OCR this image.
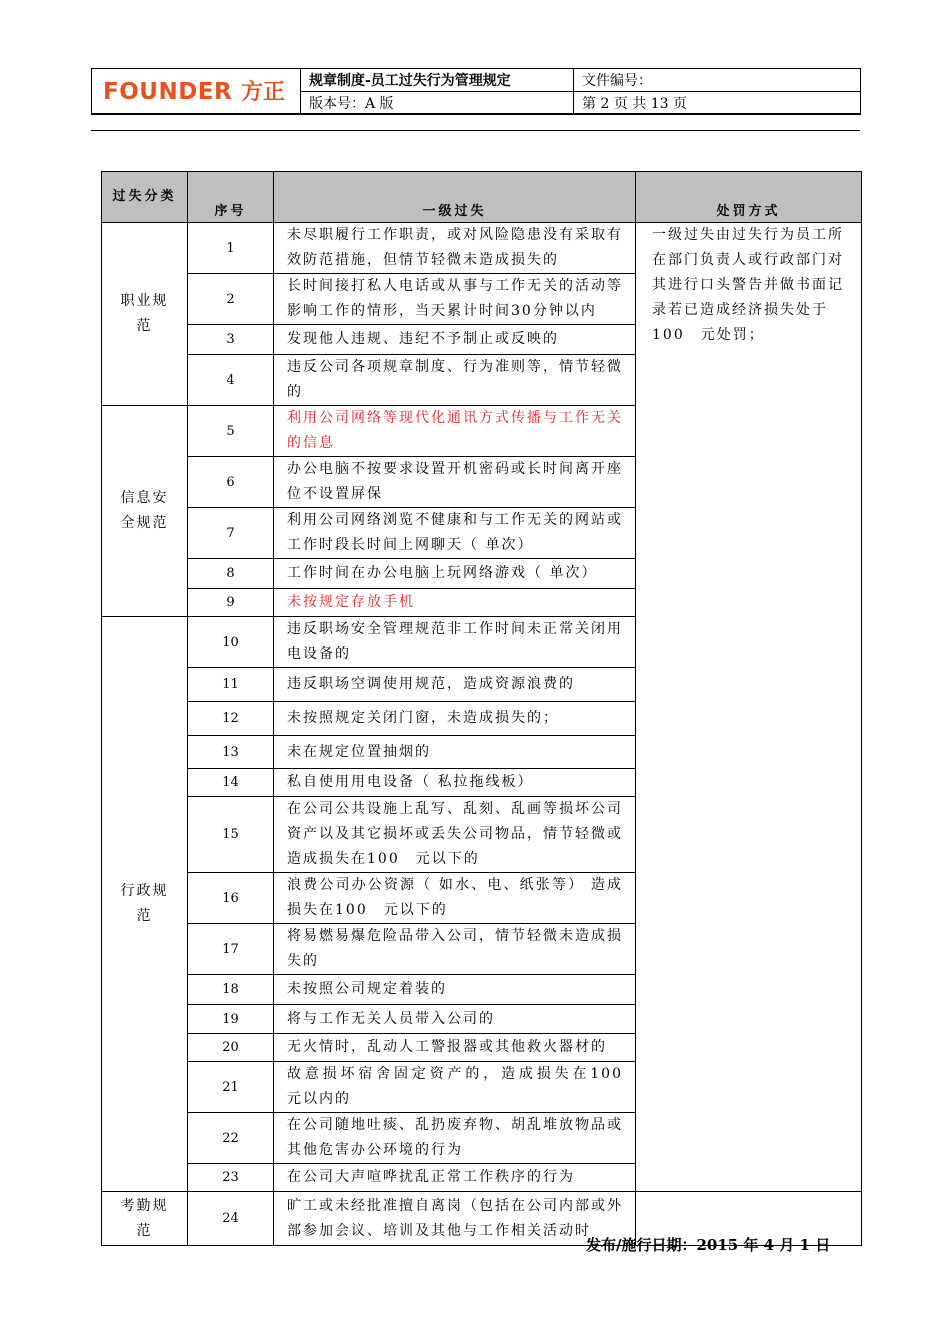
FOUNDER 方正	规章制度-员工过失行为管理规定	文件编号：
	版本号：A 版	第 2 页 共 13 页
过失分类	序号	一级过失	处罚方式
职业规范	1	未尽职履行工作职责，或对风险隐患没有采取有效防范措施，但情节轻微未造成损失的	一级过失由过失行为员工所在部门负责人或行政部门对其进行口头警告并做书面记录若已造成经济损失处于100　元处罚；
	2	长时间接打私人电话或从事与工作无关的活动等影响工作的情形，当天累计时间30分钟以内	
	3	发现他人违规、违纪不予制止或反映的	
	4	违反公司各项规章制度、行为准则等，情节轻微的	
信息安全规范	5	利用公司网络等现代化通讯方式传播与工作无关的信息	
	6	办公电脑不按要求设置开机密码或长时间离开座位不设置屏保	
	7	利用公司网络浏览不健康和与工作无关的网站或工作时段长时间上网聊天（ 单次）	
	8	工作时间在办公电脑上玩网络游戏（ 单次）	
	9	未按规定存放手机	
行政规范	10	违反职场安全管理规范非工作时间未正常关闭用电设备的	
	11	违反职场空调使用规范，造成资源浪费的	
	12	未按照规定关闭门窗，未造成损失的；	
	13	未在规定位置抽烟的	
	14	私自使用用电设备（ 私拉拖线板）	
	15	在公司公共设施上乱写、乱刻、乱画等损坏公司资产以及其它损坏或丢失公司物品，情节轻微或造成损失在100　元以下的	
	16	浪费公司办公资源（ 如水、电、纸张等） 造成损失在100　元以下的	
	17	将易燃易爆危险品带入公司，情节轻微未造成损失的	
	18	未按照公司规定着装的	
	19	将与工作无关人员带入公司的	
	20	无火情时，乱动人工警报器或其他救火器材的	
	21	故意损坏宿舍固定资产的，造成损失在100　元以内的	
	22	在公司随地吐痰、乱扔废弃物、胡乱堆放物品或其他危害办公环境的行为	
	23	在公司大声喧哗扰乱正常工作秩序的行为	
考勤规范	24	旷工或未经批准擅自离岗（包括在公司内部或外部参加会议、培训及其他与工作相关活动时	
发布/施行日期：2015 年 4 月 1 日
